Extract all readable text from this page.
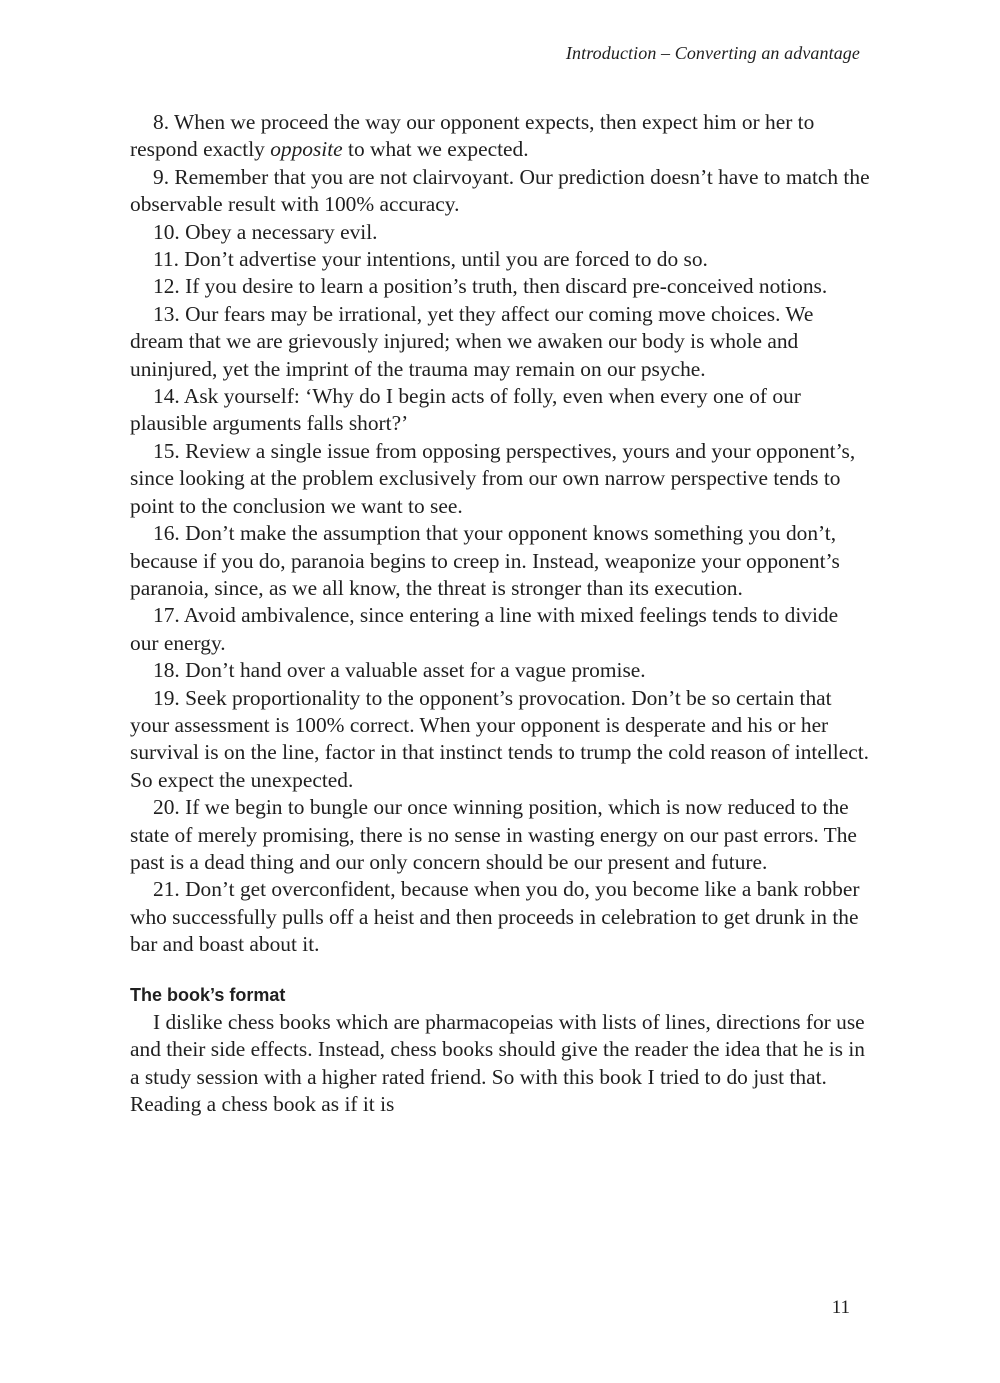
Introduction – Converting an advantage

8. When we proceed the way our opponent expects, then expect him or her to respond exactly opposite to what we expected.

9. Remember that you are not clairvoyant. Our prediction doesn’t have to match the observable result with 100% accuracy.

10. Obey a necessary evil.

11. Don’t advertise your intentions, until you are forced to do so.

12. If you desire to learn a position’s truth, then discard pre-conceived notions.

13. Our fears may be irrational, yet they affect our coming move choices. We dream that we are grievously injured; when we awaken our body is whole and uninjured, yet the imprint of the trauma may remain on our psyche.

14. Ask yourself: ‘Why do I begin acts of folly, even when every one of our plausible arguments falls short?’

15. Review a single issue from opposing perspectives, yours and your opponent’s, since looking at the problem exclusively from our own narrow perspective tends to point to the conclusion we want to see.

16. Don’t make the assumption that your opponent knows something you don’t, because if you do, paranoia begins to creep in. Instead, weaponize your opponent’s paranoia, since, as we all know, the threat is stronger than its execution.

17. Avoid ambivalence, since entering a line with mixed feelings tends to divide our energy.

18. Don’t hand over a valuable asset for a vague promise.

19. Seek proportionality to the opponent’s provocation. Don’t be so certain that your assessment is 100% correct. When your opponent is desperate and his or her survival is on the line, factor in that instinct tends to trump the cold reason of intellect. So expect the unexpected.

20. If we begin to bungle our once winning position, which is now reduced to the state of merely promising, there is no sense in wasting energy on our past errors. The past is a dead thing and our only concern should be our present and future.

21. Don’t get overconfident, because when you do, you become like a bank robber who successfully pulls off a heist and then proceeds in celebration to get drunk in the bar and boast about it.

The book’s format

I dislike chess books which are pharmacopeias with lists of lines, directions for use and their side effects. Instead, chess books should give the reader the idea that he is in a study session with a higher rated friend. So with this book I tried to do just that. Reading a chess book as if it is

11
